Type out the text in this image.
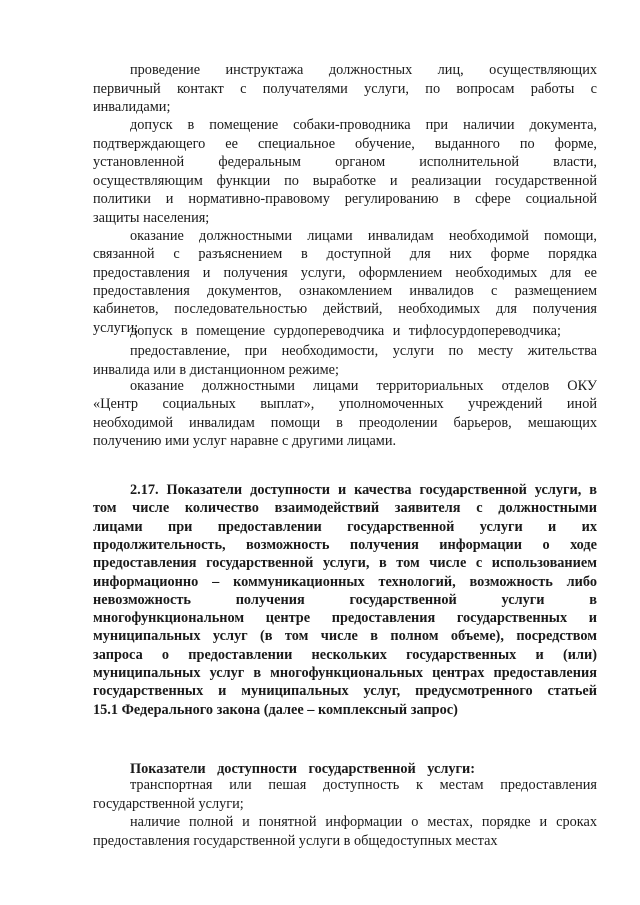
проведение инструктажа должностных лиц, осуществляющих
первичный контакт с получателями услуги, по вопросам работы с
инвалидами;
допуск в помещение собаки-проводника при наличии документа,
подтверждающего ее специальное обучение, выданного по форме,
установленной федеральным органом исполнительной власти,
осуществляющим функции по выработке и реализации государственной
политики и нормативно-правовому регулированию в сфере социальной
защиты населения;
оказание должностными лицами инвалидам необходимой помощи,
связанной с разъяснением в доступной для них форме порядка
предоставления и получения услуги, оформлением необходимых для ее
предоставления документов, ознакомлением инвалидов с размещением
кабинетов, последовательностью действий, необходимых для получения
услуги;
допуск в помещение сурдопереводчика и тифлосурдопереводчика;
предоставление, при необходимости, услуги по месту жительства
инвалида или в дистанционном режиме;
оказание должностными лицами территориальных отделов ОКУ
«Центр социальных выплат», уполномоченных учреждений иной
необходимой инвалидам помощи в преодолении барьеров, мешающих
получению ими услуг наравне с другими лицами.
2.17. Показатели доступности и качества государственной услуги, в
том числе количество взаимодействий заявителя с должностными
лицами при предоставлении государственной услуги и их
продолжительность, возможность получения информации о ходе
предоставления государственной услуги, в том числе с использованием
информационно – коммуникационных технологий, возможность либо
невозможность получения государственной услуги в
многофункциональном центре предоставления государственных и
муниципальных услуг (в том числе в полном объеме), посредством
запроса о предоставлении нескольких государственных и (или)
муниципальных услуг в многофункциональных центрах предоставления
государственных и муниципальных услуг, предусмотренного статьей
15.1 Федерального закона (далее – комплексный запрос)
Показатели доступности государственной услуги:
транспортная или пешая доступность к местам предоставления
государственной услуги;
наличие полной и понятной информации о местах, порядке и сроках
предоставления государственной услуги в общедоступных местах
